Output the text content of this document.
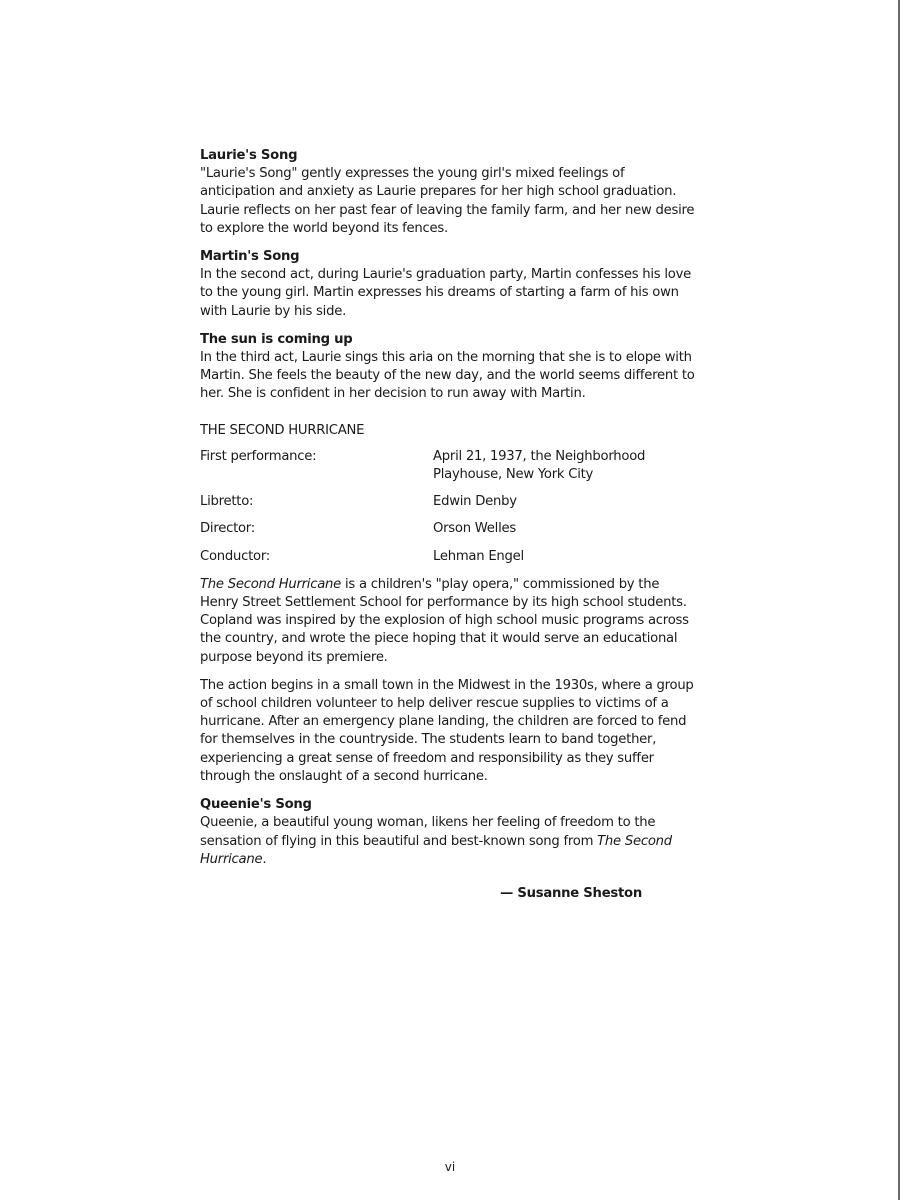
Laurie's Song

"Laurie's Song" gently expresses the young girl's mixed feelings of anticipation and anxiety as Laurie prepares for her high school graduation. Laurie reflects on her past fear of leaving the family farm, and her new desire to explore the world beyond its fences.

Martin's Song

In the second act, during Laurie's graduation party, Martin confesses his love to the young girl. Martin expresses his dreams of starting a farm of his own with Laurie by his side.

The sun is coming up

In the third act, Laurie sings this aria on the morning that she is to elope with Martin. She feels the beauty of the new day, and the world seems different to her. She is confident in her decision to run away with Martin.

THE SECOND HURRICANE

First performance:	April 21, 1937, the Neighborhood Playhouse, New York City
Libretto:	Edwin Denby
Director:	Orson Welles
Conductor:	Lehman Engel

The Second Hurricane is a children's "play opera," commissioned by the Henry Street Settlement School for performance by its high school students. Copland was inspired by the explosion of high school music programs across the country, and wrote the piece hoping that it would serve an educational purpose beyond its premiere.

The action begins in a small town in the Midwest in the 1930s, where a group of school children volunteer to help deliver rescue supplies to victims of a hurricane. After an emergency plane landing, the children are forced to fend for themselves in the countryside. The students learn to band together, experiencing a great sense of freedom and responsibility as they suffer through the onslaught of a second hurricane.

Queenie's Song

Queenie, a beautiful young woman, likens her feeling of freedom to the sensation of flying in this beautiful and best-known song from The Second Hurricane.

— Susanne Sheston
vi
